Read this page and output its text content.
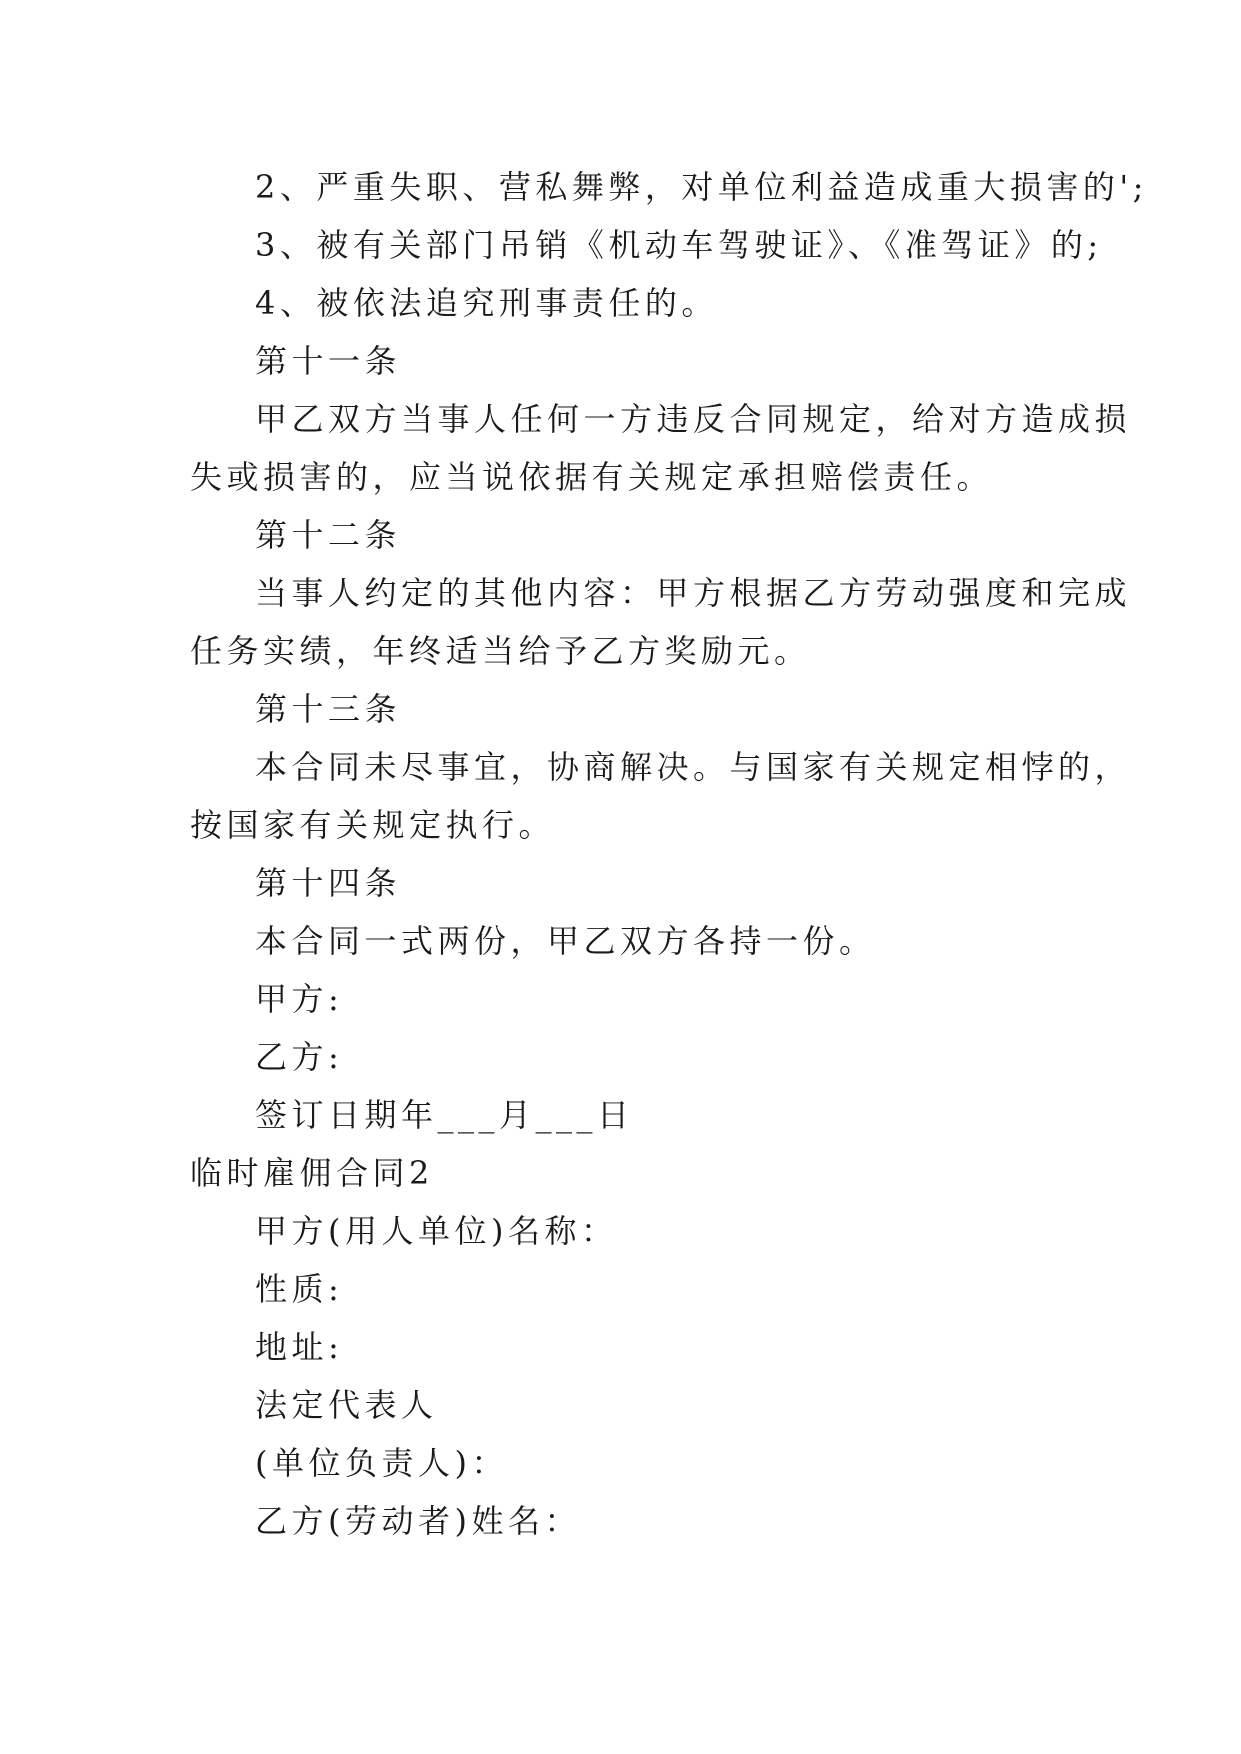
2、严重失职、营私舞弊，对单位利益造成重大损害的';
3、被有关部门吊销《机动车驾驶证》、《准驾证》的;
4、被依法追究刑事责任的。
第十一条
甲乙双方当事人任何一方违反合同规定，给对方造成损
失或损害的，应当说依据有关规定承担赔偿责任。
第十二条
当事人约定的其他内容：甲方根据乙方劳动强度和完成
任务实绩，年终适当给予乙方奖励元。
第十三条
本合同未尽事宜，协商解决。与国家有关规定相悖的，
按国家有关规定执行。
第十四条
本合同一式两份，甲乙双方各持一份。
甲方:
乙方:
签订日期年___月___日
临时雇佣合同2
甲方(用人单位)名称：
性质:
地址:
法定代表人
(单位负责人)：
乙方(劳动者)姓名：
